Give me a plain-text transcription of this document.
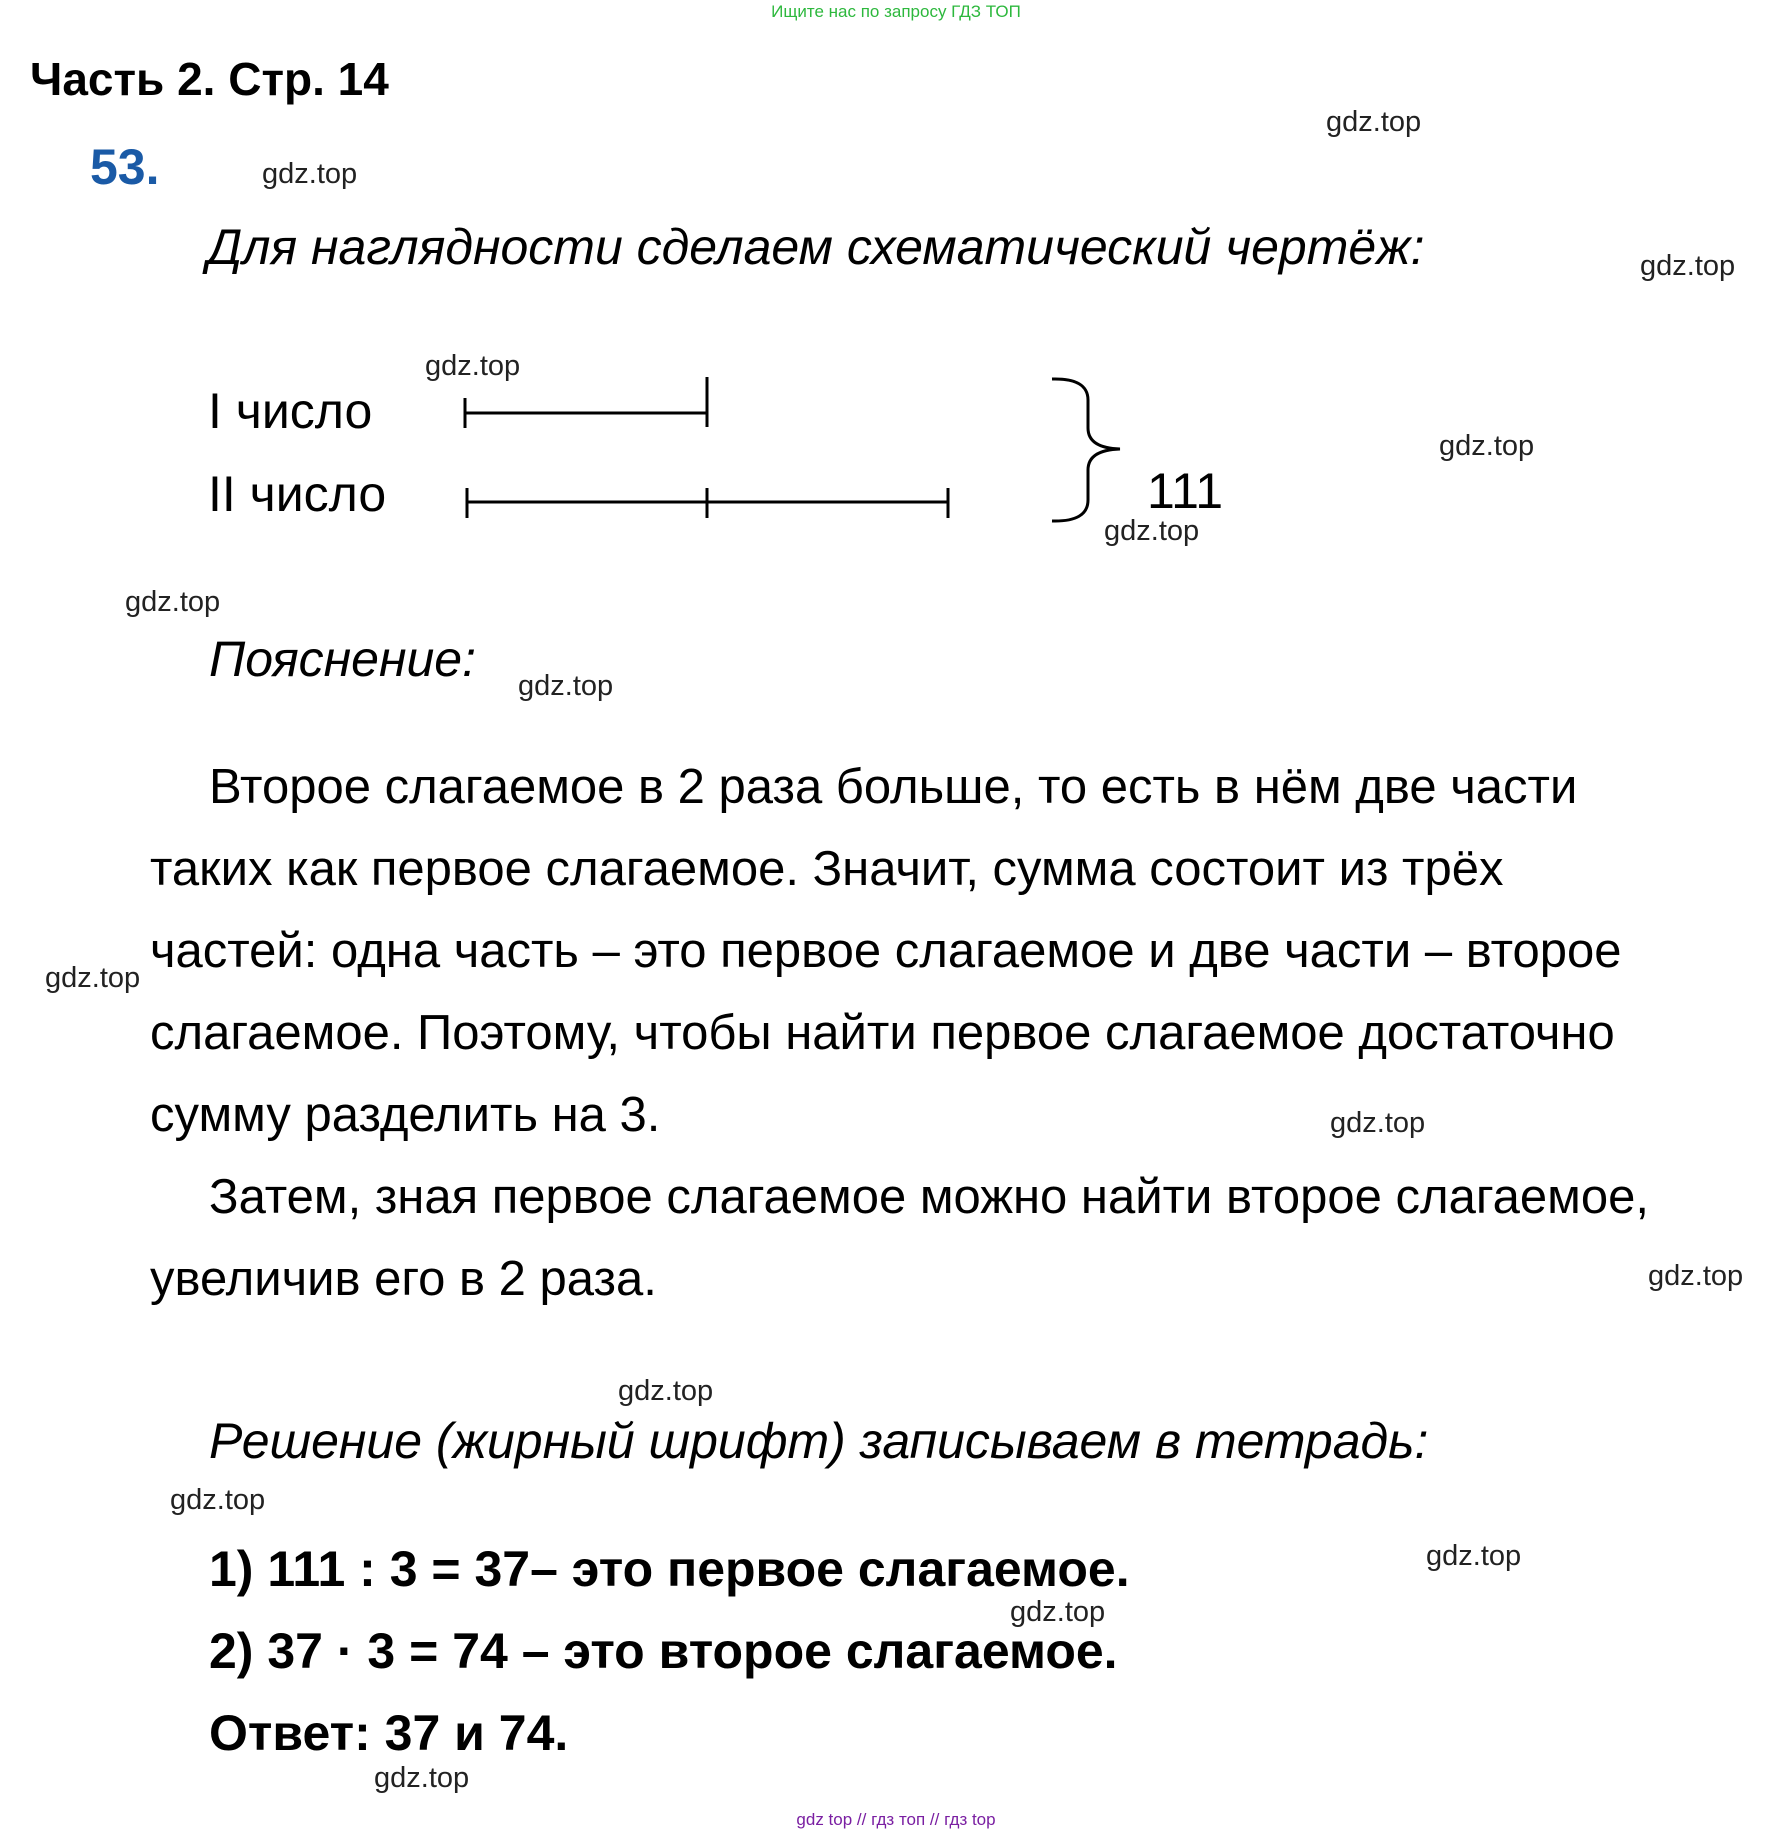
Ищите нас по запросу ГДЗ ТОП
Часть 2. Стр. 14
53.
Для наглядности сделаем схематический чертёж:
I число
II число	111
Пояснение:
Второе слагаемое в 2 раза больше, то есть в нём две части
таких как первое слагаемое. Значит, сумма состоит из трёх
частей: одна часть – это первое слагаемое и две части – второе
слагаемое. Поэтому, чтобы найти первое слагаемое достаточно
сумму разделить на 3.
Затем, зная первое слагаемое можно найти второе слагаемое,
увеличив его в 2 раза.
Решение (жирный шрифт) записываем в тетрадь:
1) 111 : 3 = 37– это первое слагаемое.
2) 37 · 3 = 74 – это второе слагаемое.
Ответ: 37 и 74.
gdz.top
gdz.top
gdz.top
gdz.top
gdz.top
gdz.top
gdz.top
gdz.top
gdz.top
gdz.top
gdz.top
gdz.top
gdz.top
gdz.top
gdz.top
gdz.top
gdz top // гдз топ // гдз top
